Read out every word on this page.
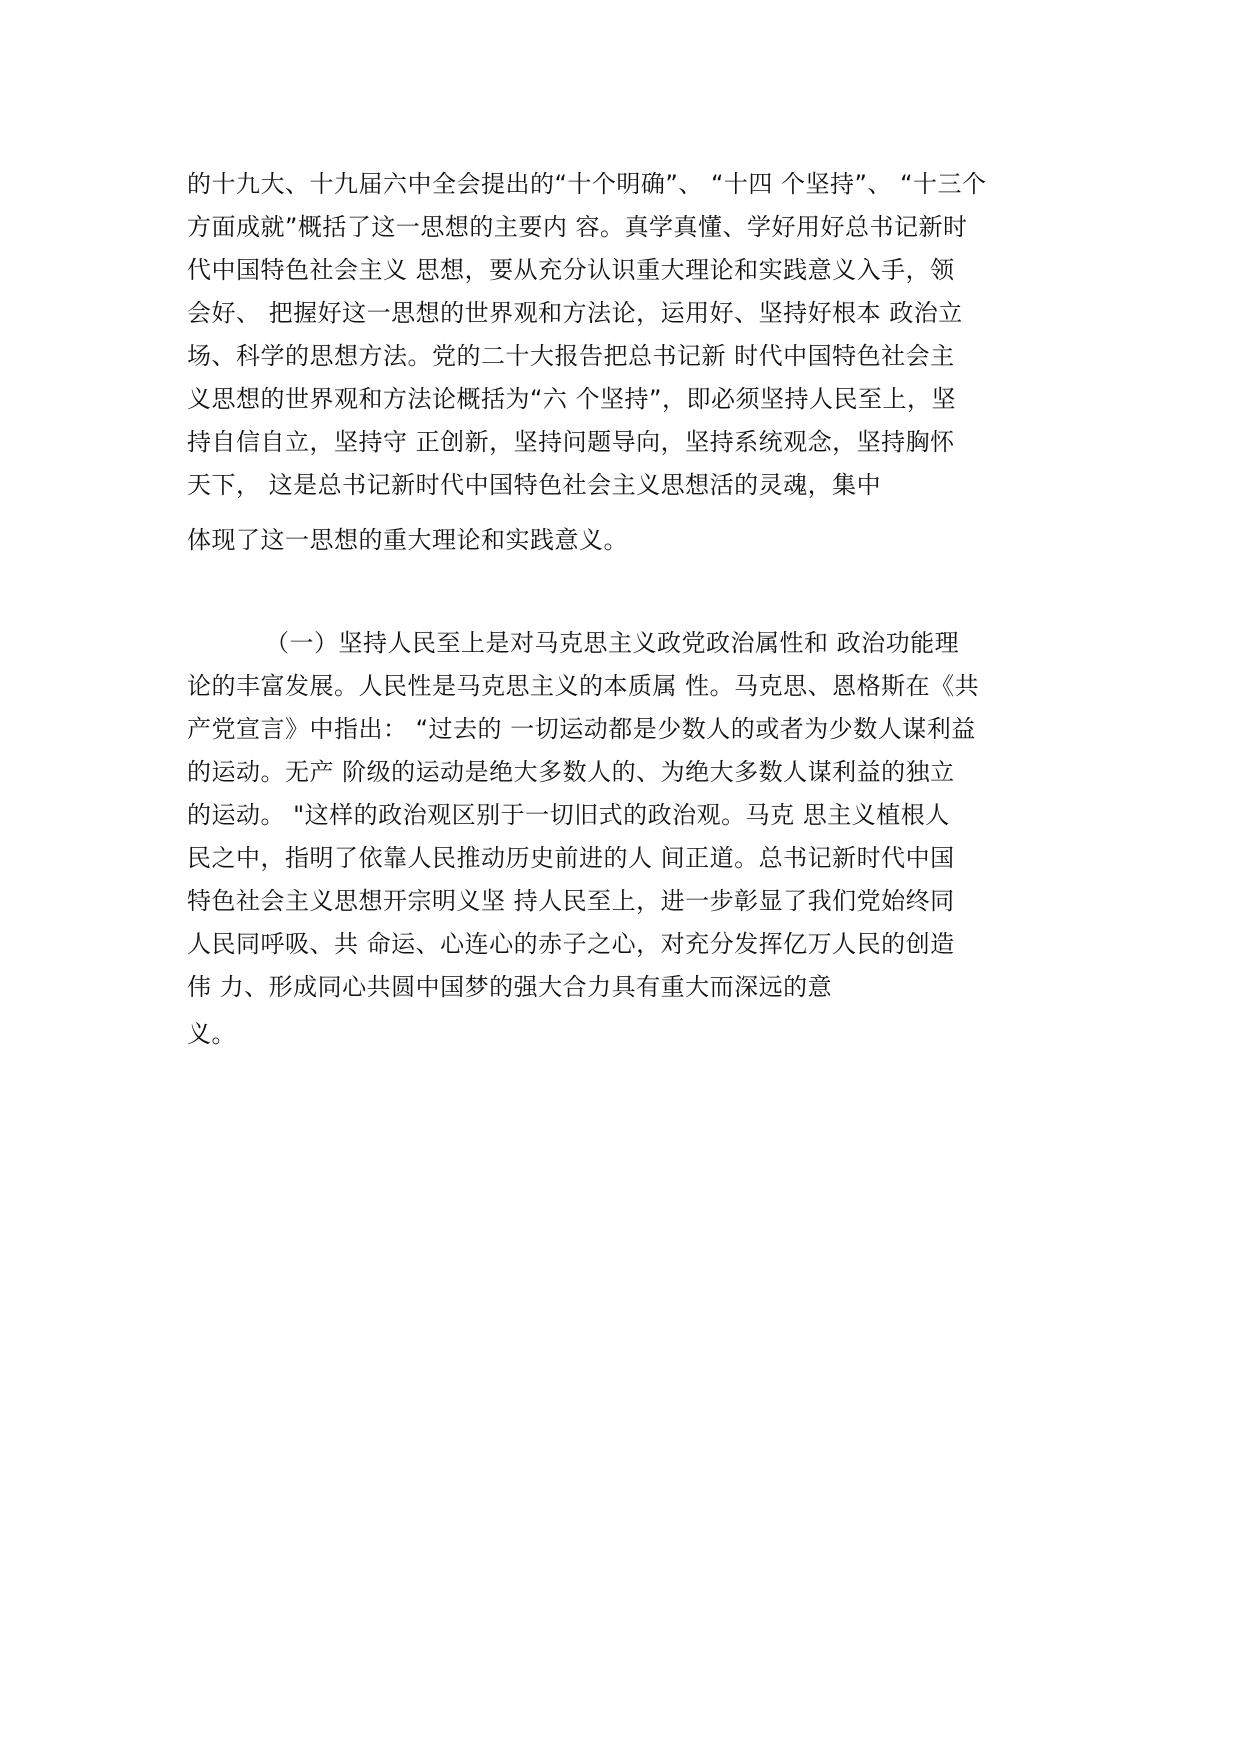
的十九大、十九届六中全会提出的“十个明确”、 “十四 个坚持”、 “十三个
方面成就”概括了这一思想的主要内 容。真学真懂、学好用好总书记新时
代中国特色社会主义 思想，要从充分认识重大理论和实践意义入手，领
会好、 把握好这一思想的世界观和方法论，运用好、坚持好根本 政治立
场、科学的思想方法。党的二十大报告把总书记新 时代中国特色社会主
义思想的世界观和方法论概括为“六 个坚持”，即必须坚持人民至上，坚
持自信自立，坚持守 正创新，坚持问题导向，坚持系统观念，坚持胸怀
天下， 这是总书记新时代中国特色社会主义思想活的灵魂，集中
体现了这一思想的重大理论和实践意义。
（一）坚持人民至上是对马克思主义政党政治属性和 政治功能理
论的丰富发展。人民性是马克思主义的本质属 性。马克思、恩格斯在《共
产党宣言》中指出： “过去的 一切运动都是少数人的或者为少数人谋利益
的运动。无产 阶级的运动是绝大多数人的、为绝大多数人谋利益的独立
的运动。 "这样的政治观区别于一切旧式的政治观。马克 思主义植根人
民之中，指明了依靠人民推动历史前进的人 间正道。总书记新时代中国
特色社会主义思想开宗明义坚 持人民至上，进一步彰显了我们党始终同
人民同呼吸、共 命运、心连心的赤子之心，对充分发挥亿万人民的创造
伟 力、形成同心共圆中国梦的强大合力具有重大而深远的意
义。
